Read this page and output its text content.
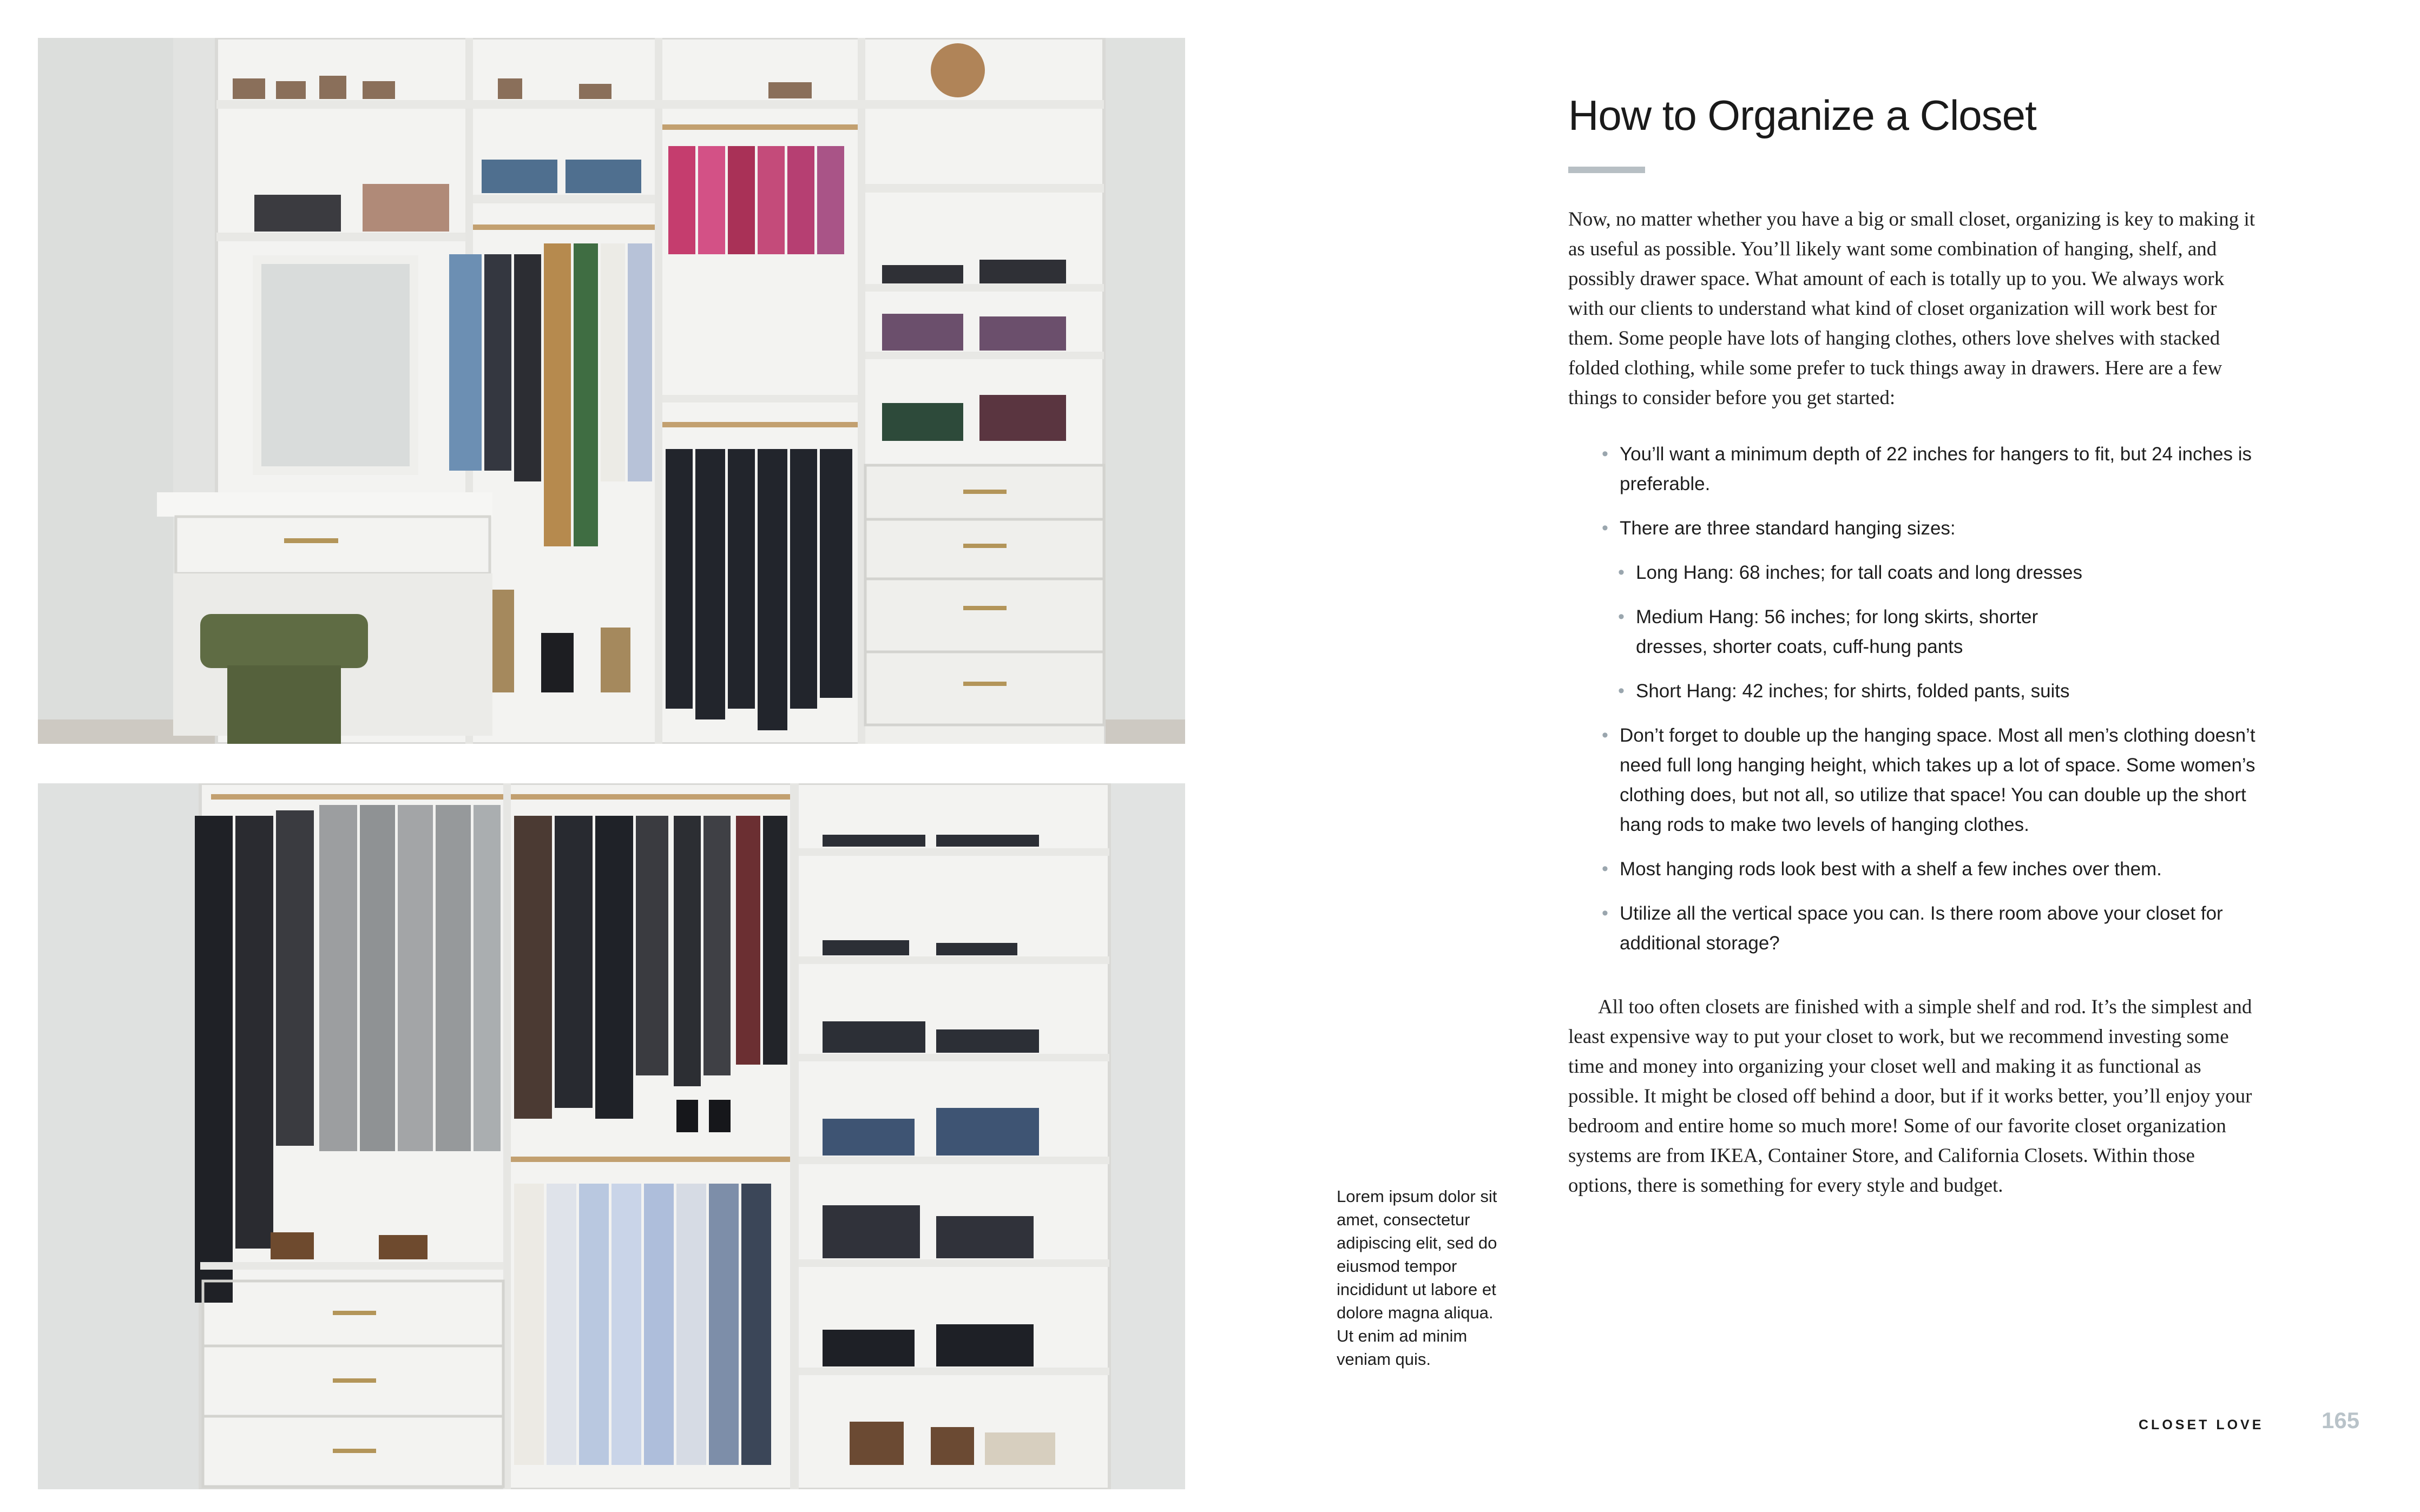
How to Organize a Closet

Now, no matter whether you have a big or small closet, organizing is key to making it as useful as possible. You’ll likely want some combination of hanging, shelf, and possibly drawer space. What amount of each is totally up to you. We always work with our clients to understand what kind of closet organization will work best for them. Some people have lots of hanging clothes, others love shelves with stacked folded clothing, while some prefer to tuck things away in drawers. Here are a few things to consider before you get started:

• You’ll want a minimum depth of 22 inches for hangers to fit, but 24 inches is preferable.
• There are three standard hanging sizes:
• Long Hang: 68 inches; for tall coats and long dresses
• Medium Hang: 56 inches; for long skirts, shorter dresses, shorter coats, cuff-hung pants
• Short Hang: 42 inches; for shirts, folded pants, suits
• Don’t forget to double up the hanging space. Most all men’s clothing doesn’t need full long hanging height, which takes up a lot of space. Some women’s clothing does, but not all, so utilize that space! You can double up the short hang rods to make two levels of hanging clothes.
• Most hanging rods look best with a shelf a few inches over them.
• Utilize all the vertical space you can. Is there room above your closet for additional storage?

All too often closets are finished with a simple shelf and rod. It’s the simplest and least expensive way to put your closet to work, but we recommend investing some time and money into organizing your closet well and making it as functional as possible. It might be closed off behind a door, but if it works better, you’ll enjoy your bedroom and entire home so much more! Some of our favorite closet organization systems are from IKEA, Container Store, and California Closets. Within those options, there is something for every style and budget.

Lorem ipsum dolor sit amet, consectetur adipiscing elit, sed do eiusmod tempor incididunt ut labore et dolore magna aliqua. Ut enim ad minim veniam quis.

CLOSET LOVE	165
